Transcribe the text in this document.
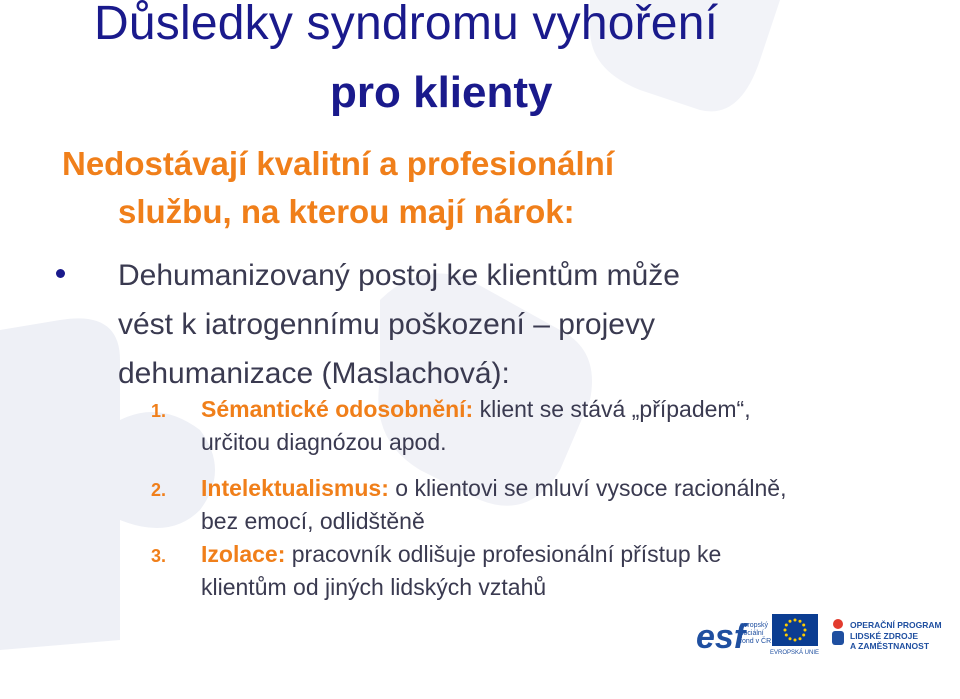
Důsledky syndromu vyhoření
pro klienty
Nedostávají kvalitní a profesionální
službu, na kterou mají nárok:

Dehumanizovaný postoj ke klientům může
vést k iatrogennímu poškození – projevy
dehumanizace (Maslachová):

1. Sémantické odosobnění: klient se stává „případem“,
určitou diagnózou apod.
2. Intelektualismus: o klientovi se mluví vysoce racionálně,
bez emocí, odlidštěně
3. Izolace: pracovník odlišuje profesionální přístup ke
klientům od jiných lidských vztahů
esf
evropský
sociální
fond v ČR
EVROPSKÁ UNIE
OPERAČNÍ PROGRAM
LIDSKÉ ZDROJE
A ZAMĚSTNANOST
